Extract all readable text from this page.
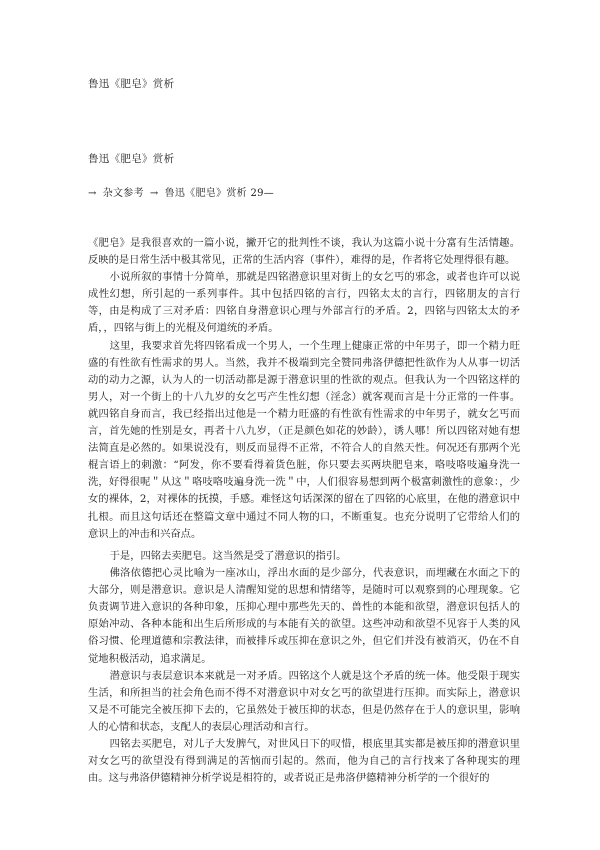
鲁迅《肥皂》赏析
鲁迅《肥皂》赏析
→ 杂文参考 → 鲁迅《肥皂》赏析 29—

《肥皂》是我很喜欢的一篇小说，撇开它的批判性不谈，我认为这篇小说十分富有生活情趣。反映的是日常生活中极其常见，正常的生活内容（事件），难得的是，作者将它处理得很有趣。

小说所叙的事情十分简单，那就是四铭潜意识里对街上的女乞丐的邪念，或者也许可以说成性幻想，所引起的一系列事件。其中包括四铭的言行，四铭太太的言行，四铭朋友的言行等，由是构成了三对矛盾：四铭自身潜意识心理与外部言行的矛盾。2，四铭与四铭太太的矛盾，，四铭与街上的光棍及何道统的矛盾。

这里，我要求首先将四铭看成一个男人，一个生理上健康正常的中年男子，即一个精力旺盛的有性欲有性需求的男人。当然，我并不极端到完全赞同弗洛伊德把性欲作为人从事一切活动的动力之源，认为人的一切活动都是源于潜意识里的性欲的观点。但我认为一个四铭这样的男人，对一个街上的十八九岁的女乞丐产生性幻想（淫念）就客观而言是十分正常的一件事。就四铭自身而言，我已经指出过他是一个精力旺盛的有性欲有性需求的中年男子，就女乞丐而言，首先她的性别是女，再者十八九岁，（正是颜色如花的妙龄），诱人哪！所以四铭对她有想法简直是必然的。如果说没有，则反而显得不正常，不符合人的自然天性。何况还有那两个光棍言语上的刺激：“阿发，你不要看得着货色脏，你只要去买两块肥皂来，咯吱咯吱遍身洗一洗，好得很呢＂从这＂咯吱咯吱遍身洗一洗＂中，人们很容易想到两个极富刺激性的意象：，少女的裸体，2，对裸体的抚摸，手感。难怪这句话深深的留在了四铭的心底里，在他的潜意识中扎根。而且这句话还在整篇文章中通过不同人物的口，不断重复。也充分说明了它带给人们的意识上的冲击和兴奋点。

于是，四铭去卖肥皂。这当然是受了潜意识的指引。

佛洛依德把心灵比喻为一座冰山，浮出水面的是少部分，代表意识，而埋藏在水面之下的大部分，则是潜意识。意识是人清醒知觉的思想和情绪等，是随时可以观察到的心理现象。它负责调节进入意识的各种印象，压抑心理中那些先天的、兽性的本能和欲望，潜意识包括人的原始冲动、各种本能和出生后所形成的与本能有关的欲望。这些冲动和欲望不见容于人类的风俗习惯、伦理道德和宗教法律，而被排斥或压抑在意识之外，但它们并没有被消灭，仍在不自觉地积极活动，追求满足。

潜意识与表层意识本来就是一对矛盾。四铭这个人就是这个矛盾的统一体。他受限于现实生活，和所担当的社会角色而不得不对潜意识中对女乞丐的欲望进行压抑。而实际上，潜意识又是不可能完全被压抑下去的，它虽然处于被压抑的状态，但是仍然存在于人的意识里，影响人的心情和状态，支配人的表层心理活动和言行。

四铭去买肥皂，对儿子大发脾气，对世风日下的叹惜，根底里其实都是被压抑的潜意识里对女乞丐的欲望没有得到满足的苦恼而引起的。然而，他为自己的言行找来了各种现实的理由。这与弗洛伊德精神分析学说是相符的，或者说正是弗洛伊德精神分析学的一个很好的
